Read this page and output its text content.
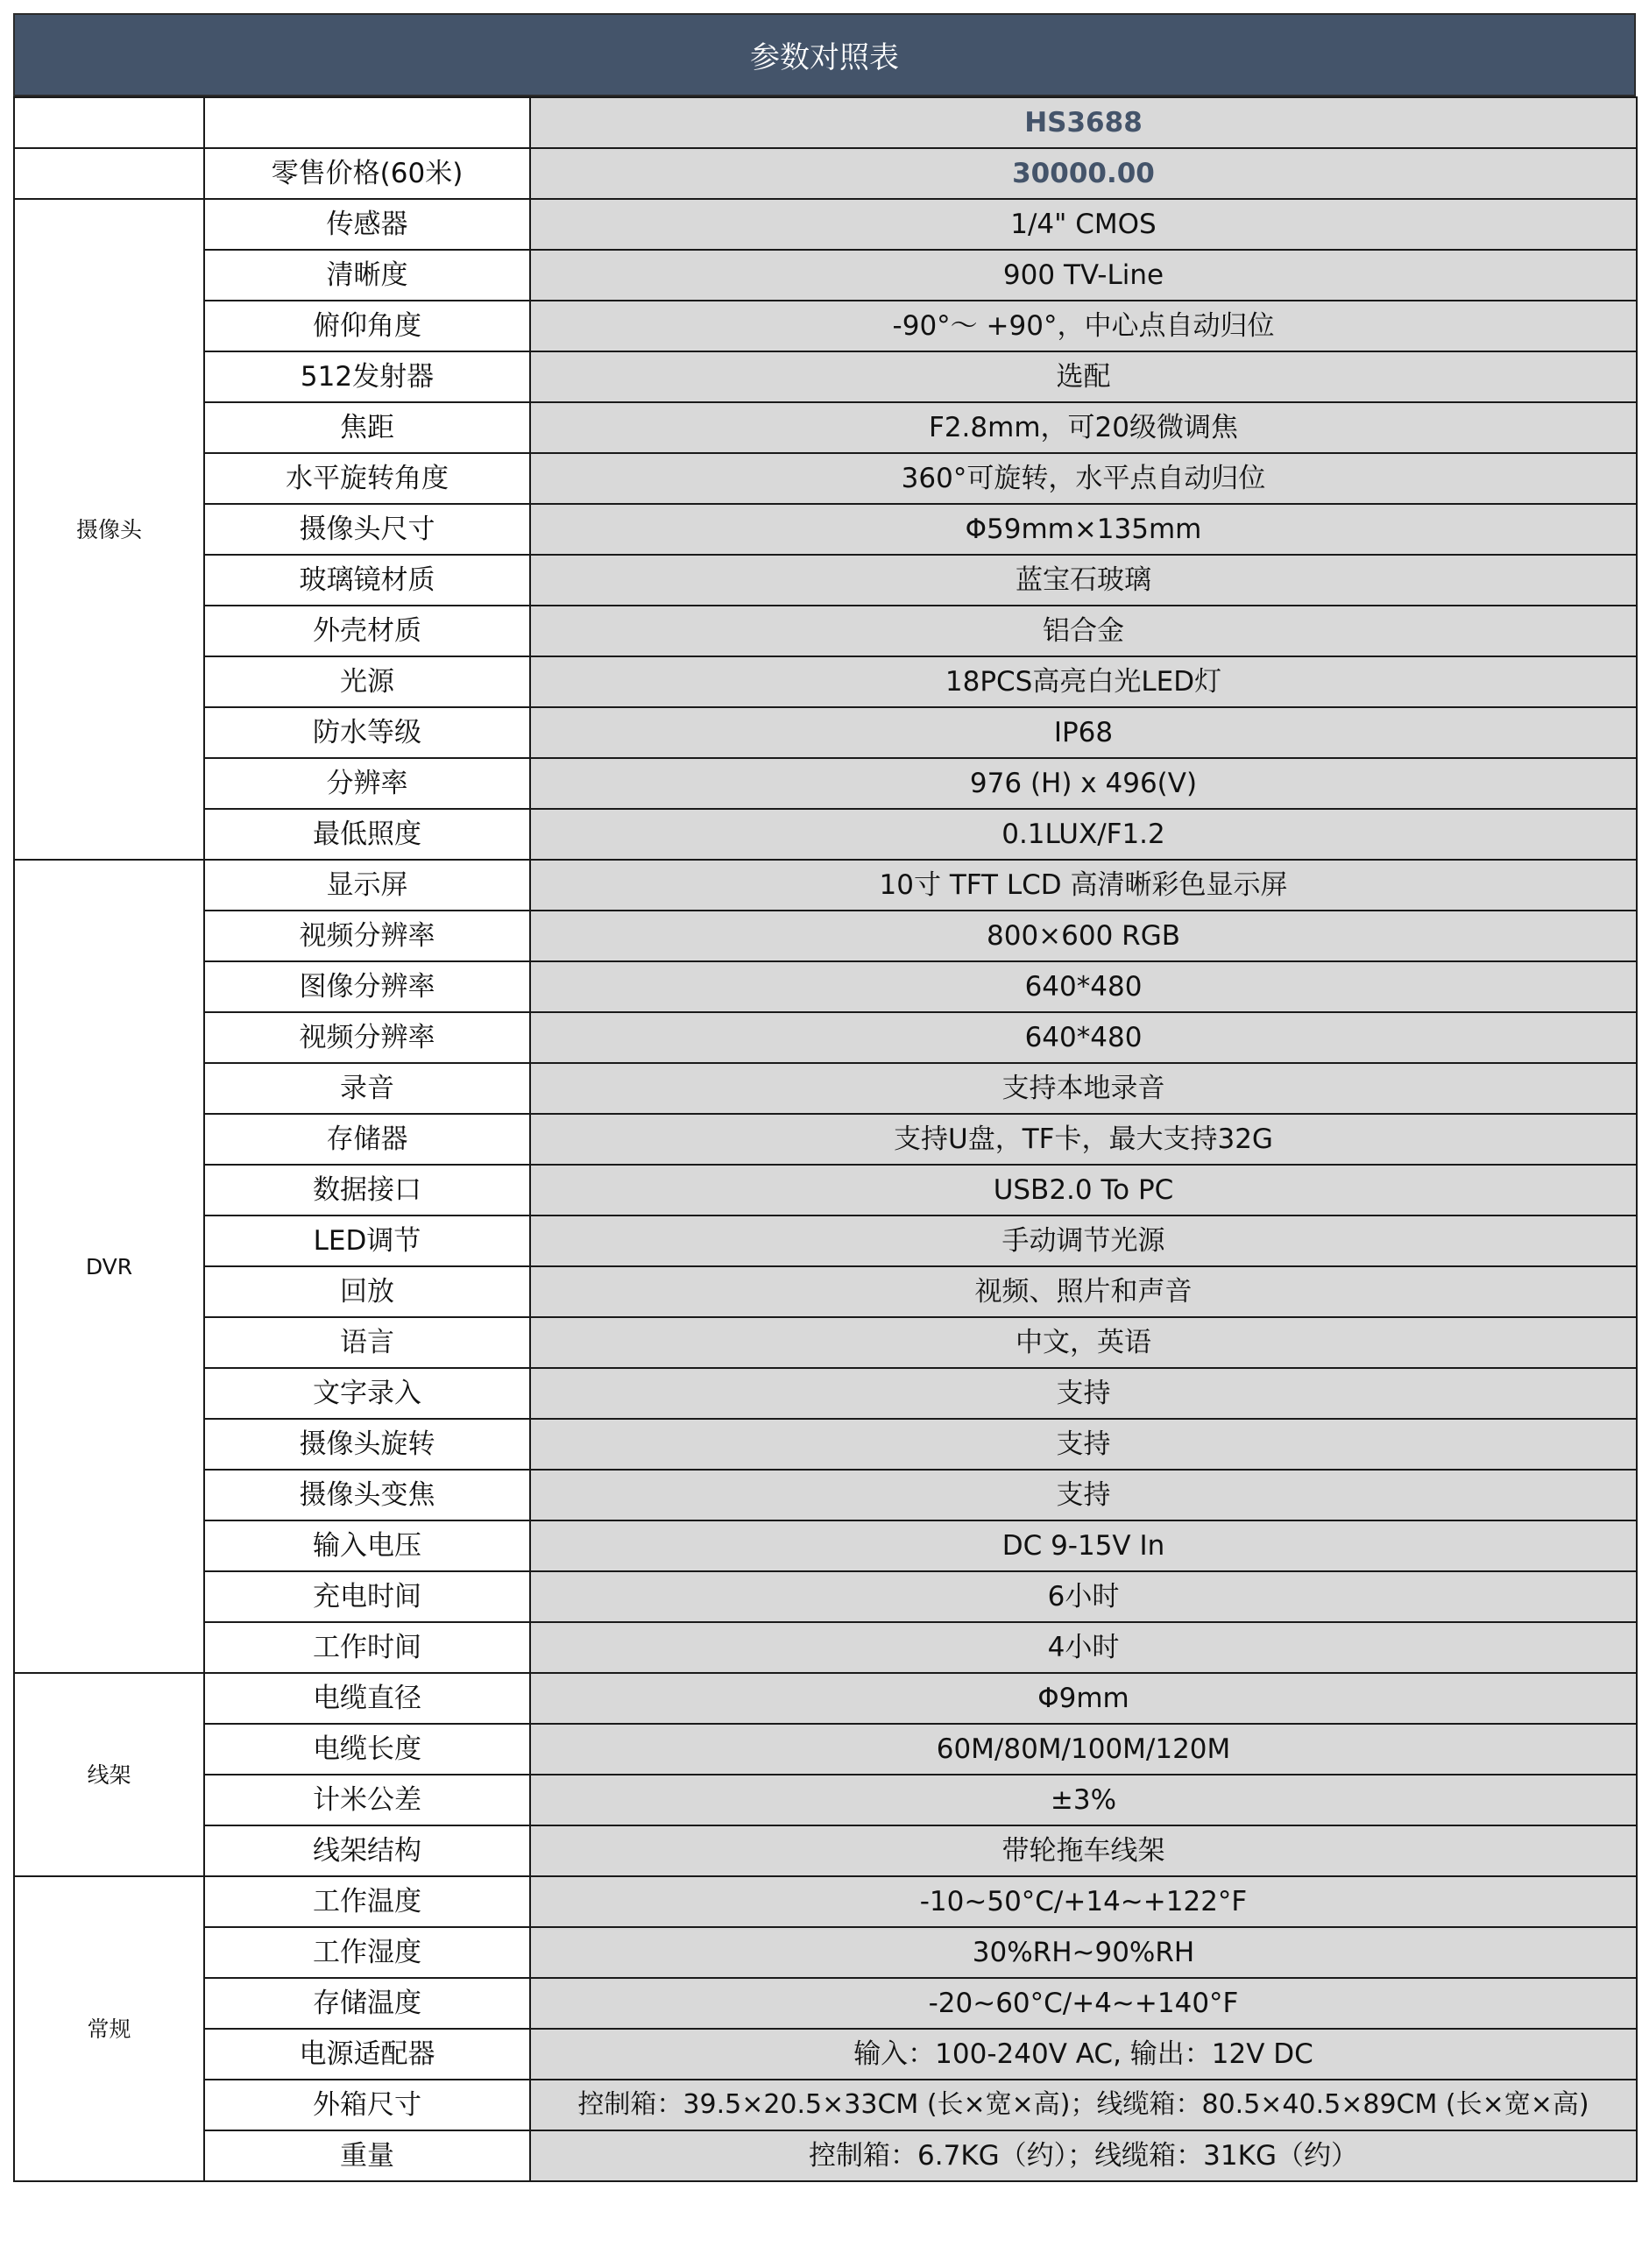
参数对照表
		HS3688
	零售价格(60米)	30000.00
摄像头	传感器	1/4" CMOS
	清晰度	900 TV-Line
	俯仰角度	-90°～ +90°，中心点自动归位
	512发射器	选配
	焦距	F2.8mm，可20级微调焦
	水平旋转角度	360°可旋转，水平点自动归位
	摄像头尺寸	Φ59mm×135mm
	玻璃镜材质	蓝宝石玻璃
	外壳材质	铝合金
	光源	18PCS高亮白光LED灯
	防水等级	IP68
	分辨率	976 (H) x 496(V)
	最低照度	0.1LUX/F1.2
DVR	显示屏	10寸 TFT LCD 高清晰彩色显示屏
	视频分辨率	800×600 RGB
	图像分辨率	640*480
	视频分辨率	640*480
	录音	支持本地录音
	存储器	支持U盘，TF卡，最大支持32G
	数据接口	USB2.0 To PC
	LED调节	手动调节光源
	回放	视频、照片和声音
	语言	中文，英语
	文字录入	支持
	摄像头旋转	支持
	摄像头变焦	支持
	输入电压	DC 9-15V In
	充电时间	6小时
	工作时间	4小时
线架	电缆直径	Φ9mm
	电缆长度	60M/80M/100M/120M
	计米公差	±3%
	线架结构	带轮拖车线架
常规	工作温度	-10~50°C/+14~+122°F
	工作湿度	30%RH~90%RH
	存储温度	-20~60°C/+4~+140°F
	电源适配器	输入：100-240V AC, 输出：12V DC
	外箱尺寸	控制箱：39.5×20.5×33CM (长×宽×高)；线缆箱：80.5×40.5×89CM (长×宽×高)
	重量	控制箱：6.7KG（约）；线缆箱：31KG（约）
